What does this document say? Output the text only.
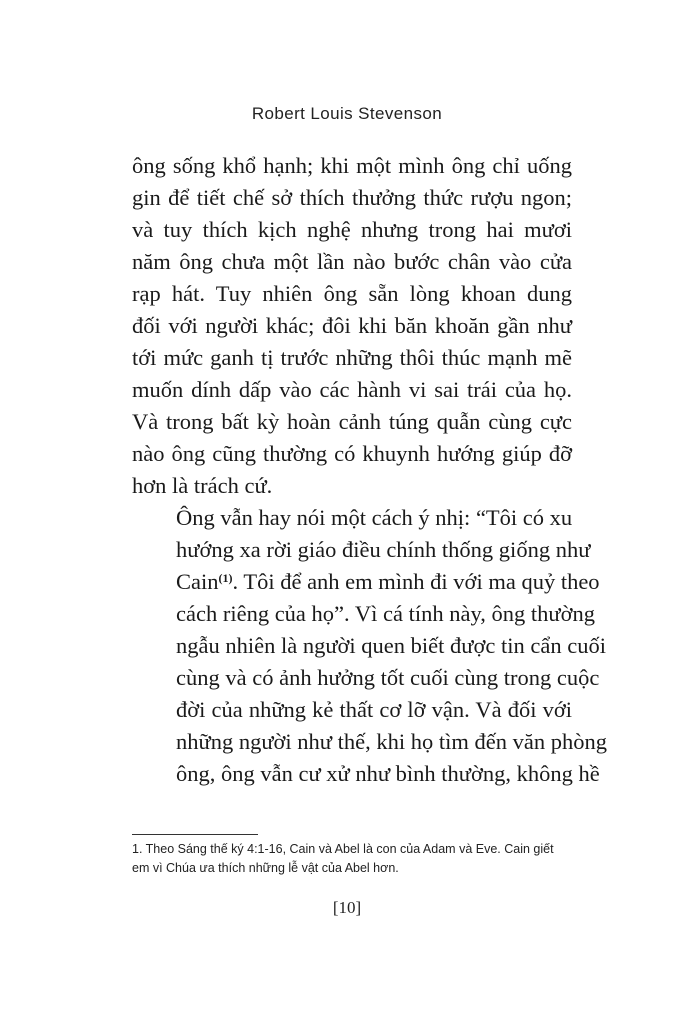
Robert Louis Stevenson

ông sống khổ hạnh; khi một mình ông chỉ uống
gin để tiết chế sở thích thưởng thức rượu ngon;
và tuy thích kịch nghệ nhưng trong hai mươi
năm ông chưa một lần nào bước chân vào cửa
rạp hát. Tuy nhiên ông sẵn lòng khoan dung
đối với người khác; đôi khi băn khoăn gần như
tới mức ganh tị trước những thôi thúc mạnh mẽ
muốn dính dấp vào các hành vi sai trái của họ.
Và trong bất kỳ hoàn cảnh túng quẫn cùng cực
nào ông cũng thường có khuynh hướng giúp đỡ
hơn là trách cứ.

Ông vẫn hay nói một cách ý nhị: “Tôi có xu
hướng xa rời giáo điều chính thống giống như
Cain$^{(1)}$. Tôi để anh em mình đi với ma quỷ theo
cách riêng của họ”. Vì cá tính này, ông thường
ngẫu nhiên là người quen biết được tin cẩn cuối
cùng và có ảnh hưởng tốt cuối cùng trong cuộc
đời của những kẻ thất cơ lỡ vận. Và đối với
những người như thế, khi họ tìm đến văn phòng
ông, ông vẫn cư xử như bình thường, không hề

1. Theo Sáng thế ký 4:1-16, Cain và Abel là con của Adam và Eve. Cain giết em vì Chúa ưa thích những lễ vật của Abel hơn.
[10]
